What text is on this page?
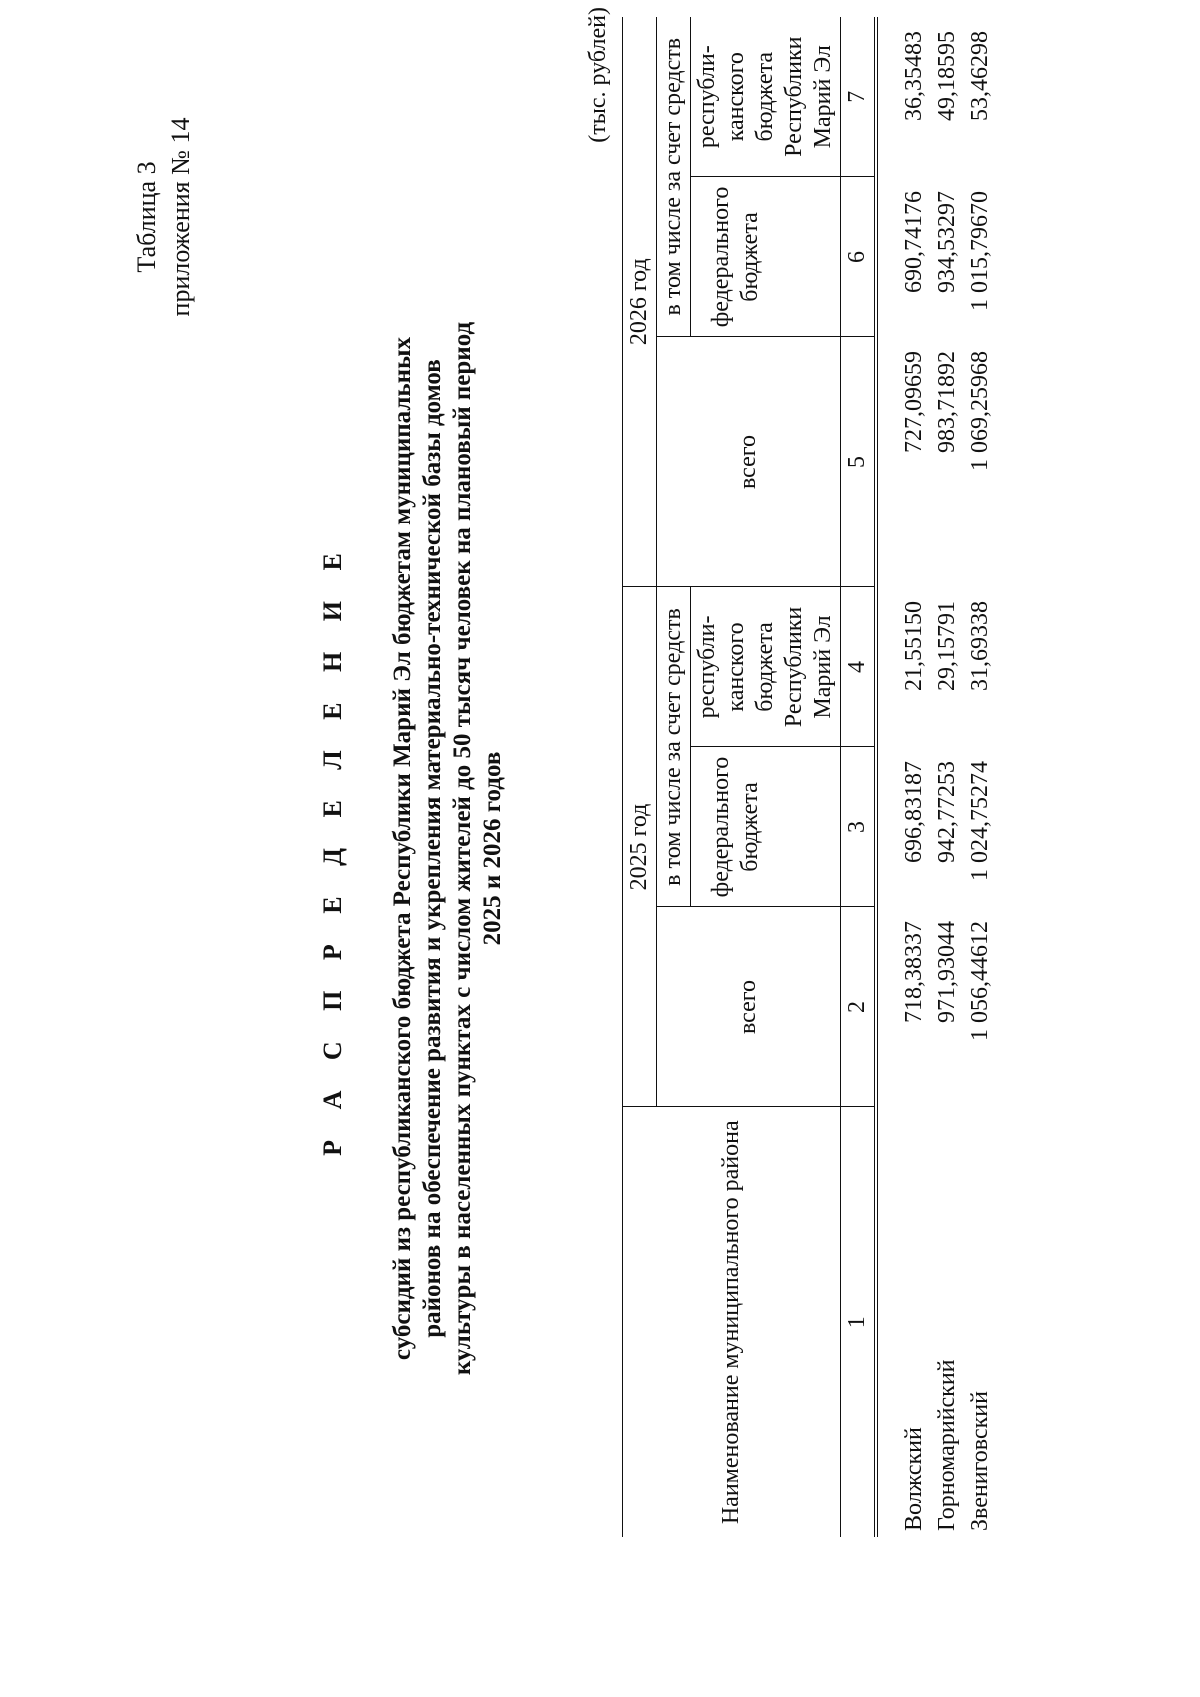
Таблица 3 приложения № 14
Р А С П Р Е Д Е Л Е Н И Е субсидий из республиканского бюджета Республики Марий Эл бюджетам муниципальных районов на обеспечение развития и укрепления материально-технической базы домов культуры в населенных пунктах с числом жителей до 50 тысяч человек на плановый период 2025 и 2026 годов
(тыс. рублей)
Наименование муниципального района	2025 год			2026 год		
	всего	в том числе за счет средств		всего	в том числе за счет средств	
		федерального бюджета	республи-канского бюджета Республики Марий Эл		федерального бюджета	республи-канского бюджета Республики Марий Эл
1	2	3	4	5	6	7
Волжский	718,38337	696,83187	21,55150	727,09659	690,74176	36,35483
Горномарийский	971,93044	942,77253	29,15791	983,71892	934,53297	49,18595
Звениговский	1 056,44612	1 024,75274	31,69338	1 069,25968	1 015,79670	53,46298
